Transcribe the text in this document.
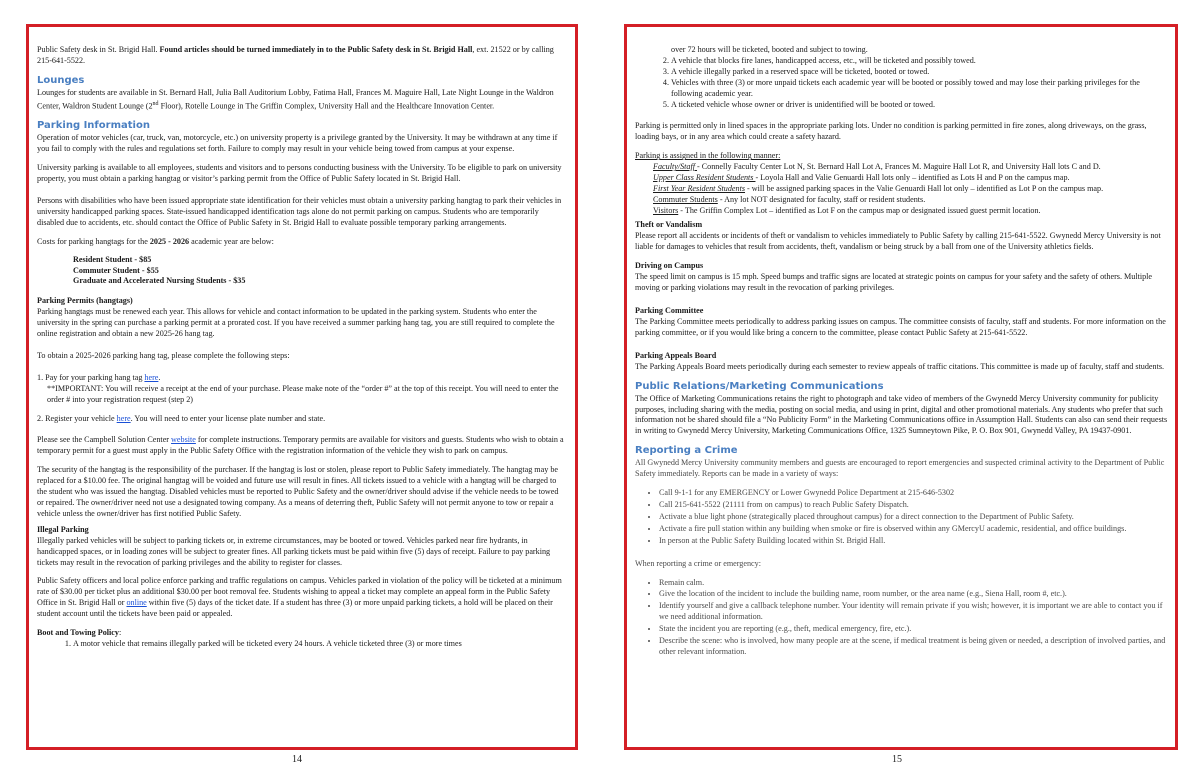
Public Safety desk in St. Brigid Hall. Found articles should be turned immediately in to the Public Safety desk in St. Brigid Hall, ext. 21522 or by calling 215-641-5522.

Lounges

Lounges for students are available in St. Bernard Hall, Julia Ball Auditorium Lobby, Fatima Hall, Frances M. Maguire Hall, Late Night Lounge in the Waldron Center, Waldron Student Lounge (2nd Floor), Rotelle Lounge in The Griffin Complex, University Hall and the Healthcare Innovation Center.

Parking Information

Operation of motor vehicles (car, truck, van, motorcycle, etc.) on university property is a privilege granted by the University. It may be withdrawn at any time if you fail to comply with the rules and regulations set forth. Failure to comply may result in your vehicle being towed from campus at your expense.

University parking is available to all employees, students and visitors and to persons conducting business with the University. To be eligible to park on university property, you must obtain a parking hangtag or visitor’s parking permit from the Office of Public Safety located in St. Brigid Hall.

Persons with disabilities who have been issued appropriate state identification for their vehicles must obtain a university parking hangtag to park their vehicles in university handicapped parking spaces. State-issued handicapped identification tags alone do not permit parking on campus. Students who are temporarily disabled due to accidents, etc. should contact the Office of Public Safety in St. Brigid Hall to evaluate possible temporary parking arrangements.

Costs for parking hangtags for the 2025 - 2026 academic year are below:

Resident Student - $85
Commuter Student - $55
Graduate and Accelerated Nursing Students - $35

Parking Permits (hangtags)

Parking hangtags must be renewed each year. This allows for vehicle and contact information to be updated in the parking system. Students who enter the university in the spring can purchase a parking permit at a prorated cost. If you have received a summer parking hang tag, you are still required to complete the online registration and obtain a new 2025-26 hang tag.

To obtain a 2025-2026 parking hang tag, please complete the following steps:

1. Pay for your parking hang tag here.

**IMPORTANT: You will receive a receipt at the end of your purchase. Please make note of the “order #” at the top of this receipt. You will need to enter the order # into your registration request (step 2)

2. Register your vehicle here. You will need to enter your license plate number and state.

Please see the Campbell Solution Center website for complete instructions. Temporary permits are available for visitors and guests. Students who wish to obtain a temporary permit for a guest must apply in the Public Safety Office with the registration information of the vehicle they wish to park on campus.

The security of the hangtag is the responsibility of the purchaser. If the hangtag is lost or stolen, please report to Public Safety immediately. The hangtag may be replaced for a $10.00 fee. The original hangtag will be voided and future use will result in fines. All tickets issued to a vehicle with a hangtag will be charged to the student who was issued the hangtag. Disabled vehicles must be reported to Public Safety and the owner/driver should advise if the vehicle needs to be towed or repaired. The owner/driver need not use a designated towing company. As a means of deterring theft, Public Safety will not permit anyone to tow or repair a vehicle unless the owner/driver has first notified Public Safety.

Illegal Parking

Illegally parked vehicles will be subject to parking tickets or, in extreme circumstances, may be booted or towed. Vehicles parked near fire hydrants, in handicapped spaces, or in loading zones will be subject to greater fines. All parking tickets must be paid within five (5) days of receipt. Failure to pay parking tickets may result in the revocation of parking privileges and the ability to register for classes.

Public Safety officers and local police enforce parking and traffic regulations on campus. Vehicles parked in violation of the policy will be ticketed at a minimum rate of $30.00 per ticket plus an additional $30.00 per boot removal fee. Students wishing to appeal a ticket may complete an appeal form in the Public Safety Office in St. Brigid Hall or online within five (5) days of the ticket date. If a student has three (3) or more unpaid parking tickets, a hold will be placed on their student account until the tickets have been paid or appealed.

Boot and Towing Policy:

1. A motor vehicle that remains illegally parked will be ticketed every 24 hours. A vehicle ticketed three (3) or more times
14

over 72 hours will be ticketed, booted and subject to towing.

2. A vehicle that blocks fire lanes, handicapped access, etc., will be ticketed and possibly towed.
3. A vehicle illegally parked in a reserved space will be ticketed, booted or towed.
4. Vehicles with three (3) or more unpaid tickets each academic year will be booted or possibly towed and may lose their parking privileges for the following academic year.
5. A ticketed vehicle whose owner or driver is unidentified will be booted or towed.

Parking is permitted only in lined spaces in the appropriate parking lots. Under no condition is parking permitted in fire zones, along driveways, on the grass, loading bays, or in any area which could create a safety hazard.

Parking is assigned in the following manner:

Faculty/Staff - Connelly Faculty Center Lot N, St. Bernard Hall Lot A, Frances M. Maguire Hall Lot R, and University Hall lots C and D.

Upper Class Resident Students - Loyola Hall and Valie Genuardi Hall lots only – identified as Lots H and P on the campus map.

First Year Resident Students - will be assigned parking spaces in the Valie Genuardi Hall lot only – identified as Lot P on the campus map.

Commuter Students - Any lot NOT designated for faculty, staff or resident students.

Visitors - The Griffin Complex Lot – identified as Lot F on the campus map or designated issued guest permit location.

Theft or Vandalism

Please report all accidents or incidents of theft or vandalism to vehicles immediately to Public Safety by calling 215-641-5522. Gwynedd Mercy University is not liable for damages to vehicles that result from accidents, theft, vandalism or being struck by a ball from one of the University athletics fields.

Driving on Campus

The speed limit on campus is 15 mph. Speed bumps and traffic signs are located at strategic points on campus for your safety and the safety of others. Multiple moving or parking violations may result in the revocation of parking privileges.

Parking Committee

The Parking Committee meets periodically to address parking issues on campus. The committee consists of faculty, staff and students. For more information on the parking committee, or if you would like bring a concern to the committee, please contact Public Safety at 215-641-5522.

Parking Appeals Board

The Parking Appeals Board meets periodically during each semester to review appeals of traffic citations. This committee is made up of faculty, staff and students.

Public Relations/Marketing Communications

The Office of Marketing Communications retains the right to photograph and take video of members of the Gwynedd Mercy University community for publicity purposes, including sharing with the media, posting on social media, and using in print, digital and other promotional materials. Any students who prefer that such information not be shared should file a “No Publicity Form” in the Marketing Communications office in Assumption Hall. Students can also can send their requests in writing to Gwynedd Mercy University, Marketing Communications Office, 1325 Sumneytown Pike, P. O. Box 901, Gwynedd Valley, PA 19437-0901.

Reporting a Crime

All Gwynedd Mercy University community members and guests are encouraged to report emergencies and suspected criminal activity to the Department of Public Safety immediately. Reports can be made in a variety of ways:

• Call 9-1-1 for any EMERGENCY or Lower Gwynedd Police Department at 215-646-5302
• Call 215-641-5522 (21111 from on campus) to reach Public Safety Dispatch.
• Activate a blue light phone (strategically placed throughout campus) for a direct connection to the Department of Public Safety.
• Activate a fire pull station within any building when smoke or fire is observed within any GMercyU academic, residential, and office buildings.
• In person at the Public Safety Building located within St. Brigid Hall.

When reporting a crime or emergency:

• Remain calm.
• Give the location of the incident to include the building name, room number, or the area name (e.g., Siena Hall, room #, etc.).
• Identify yourself and give a callback telephone number. Your identity will remain private if you wish; however, it is important we are able to contact you if we need additional information.
• State the incident you are reporting (e.g., theft, medical emergency, fire, etc.).
• Describe the scene: who is involved, how many people are at the scene, if medical treatment is being given or needed, a description of involved parties, and other relevant information.
15
